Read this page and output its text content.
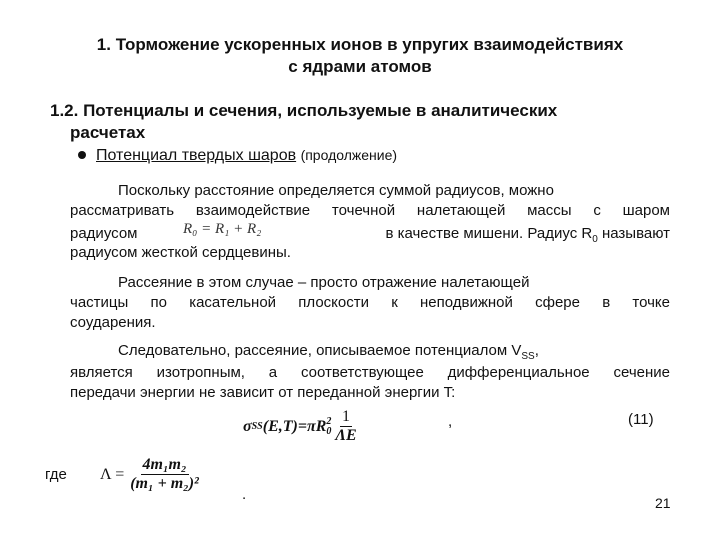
1. Торможение ускоренных ионов в упругих взаимодействиях
с ядрами атомов
1.2. Потенциалы и сечения, используемые в аналитических
расчетах
Потенциал твердых шаров (продолжение)
Поскольку расстояние определяется суммой радиусов, можно
рассматривать взаимодействие точечной налетающей массы с шаром
радиусом	R₀ = R₁ + R₂	в качестве мишени. Радиус $R_0$ называют
радиусом жесткой сердцевины.
Рассеяние в этом случае – просто отражение налетающей
частицы по касательной плоскости к неподвижной сфере в точке
соударения.
Следовательно, рассеяние, описываемое потенциалом $V_{SS}$,
является изотропным, а соответствующее дифференциальное сечение
передачи энергии не зависит от переданной энергии T:
σ SS (E,T)=πR 2
$0 \frac{1}{\Lambda E}$	,	(11)
где $\Lambda = \frac{\text{4m₁m₂}}{\text{(m₁ + m₂)²}}$
.	21
